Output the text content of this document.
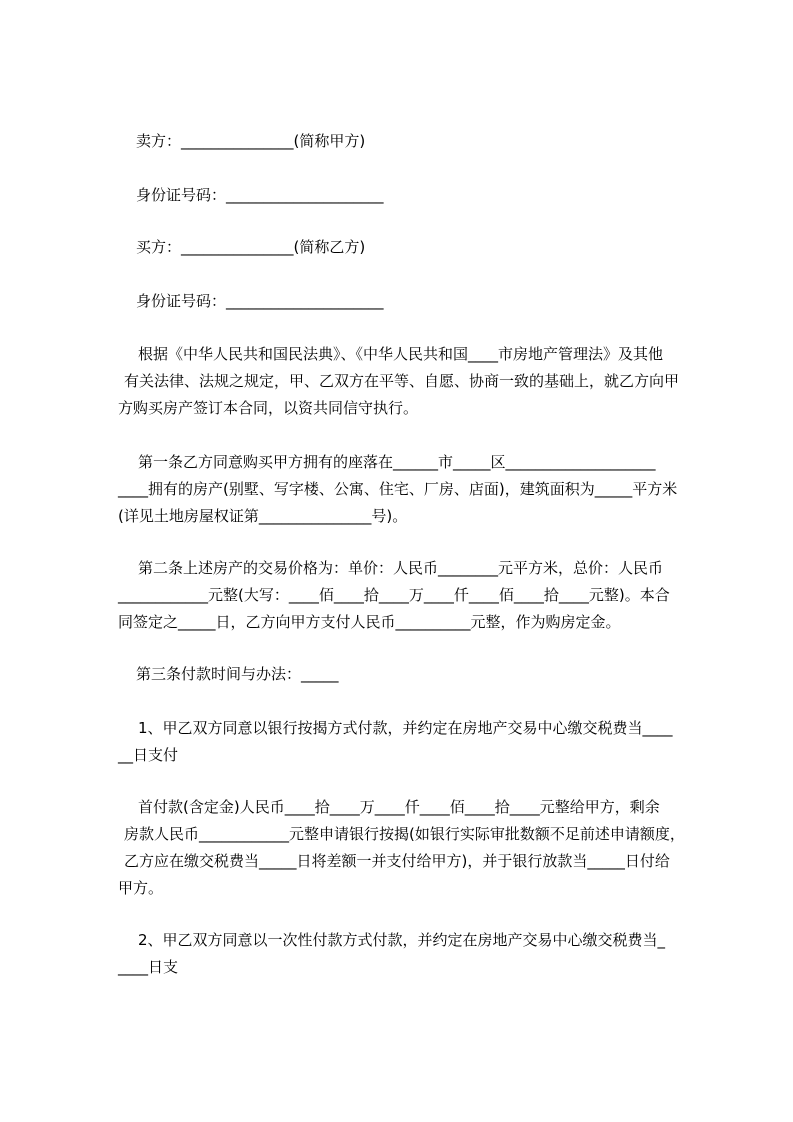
卖方：_______________(简称甲方)
身份证号码：_____________________
买方：_______________(简称乙方)
身份证号码：_____________________
根据《中华人民共和国民法典》、《中华人民共和国____市房地产管理法》及其他
有关法律、法规之规定，甲、乙双方在平等、自愿、协商一致的基础上，就乙方向甲
方购买房产签订本合同，以资共同信守执行。
第一条乙方同意购买甲方拥有的座落在______市_____区____________________
____拥有的房产(别墅、写字楼、公寓、住宅、厂房、店面)，建筑面积为_____平方米
(详见土地房屋权证第_______________号)。
第二条上述房产的交易价格为：单价：人民币________元平方米，总价：人民币
____________元整(大写：____佰____拾____万____仟____佰____拾____元整)。本合
同签定之_____日，乙方向甲方支付人民币__________元整，作为购房定金。
第三条付款时间与办法：_____
1、甲乙双方同意以银行按揭方式付款，并约定在房地产交易中心缴交税费当____
__日支付
首付款(含定金)人民币____拾____万____仟____佰____拾____元整给甲方，剩余
房款人民币____________元整申请银行按揭(如银行实际审批数额不足前述申请额度，
乙方应在缴交税费当_____日将差额一并支付给甲方)，并于银行放款当_____日付给
甲方。
2、甲乙双方同意以一次性付款方式付款，并约定在房地产交易中心缴交税费当_
____日支
